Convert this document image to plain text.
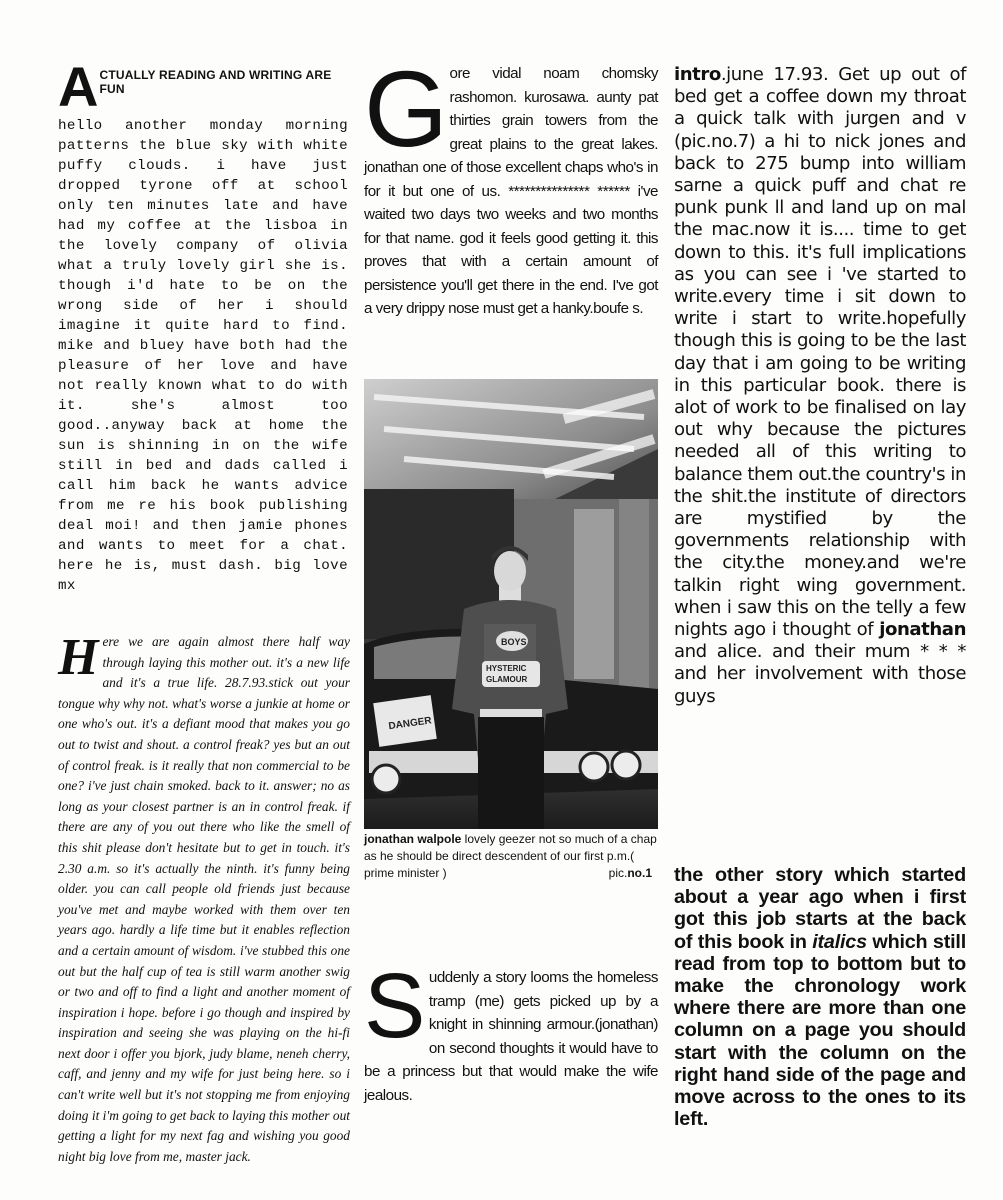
A CTUALLY READING AND WRITING ARE FUN

hello another monday morning patterns the blue sky with white puffy clouds. i have just dropped tyrone off at school only ten minutes late and have had my coffee at the lisboa in the lovely company of olivia what a truly lovely girl she is. though i'd hate to be on the wrong side of her i should imagine it quite hard to find. mike and bluey have both had the pleasure of her love and have not really known what to do with it. she's almost too good..anyway back at home the sun is shinning in on the wife still in bed and dads called i call him back he wants advice from me re his book publishing deal moi! and then jamie phones and wants to meet for a chat. here he is, must dash. big love mx

Here we are again almost there half way through laying this mother out. it's a new life and it's a true life. 28.7.93.stick out your tongue why why not. what's worse a junkie at home or one who's out. it's a defiant mood that makes you go out to twist and shout. a control freak? yes but an out of control freak. is it really that non commercial to be one? i've just chain smoked. back to it. answer; no as long as your closest partner is an in control freak. if there are any of you out there who like the smell of this shit please don't hesitate but to get in touch. it's 2.30 a.m. so it's actually the ninth. it's funny being older. you can call people old friends just because you've met and maybe worked with them over ten years ago. hardly a life time but it enables reflection and a certain amount of wisdom. i've stubbed this one out but the half cup of tea is still warm another swig or two and off to find a light and another moment of inspiration i hope. before i go though and inspired by inspiration and seeing she was playing on the hi-fi next door i offer you bjork, judy blame, neneh cherry, caff, and jenny and my wife for just being here. so i can't write well but it's not stopping me from enjoying doing it i'm going to get back to laying this mother out getting a light for my next fag and wishing you good night big love from me, master jack.

Gore vidal noam chomsky rashomon. kurosawa. aunty pat thirties grain towers from the great plains to the great lakes. jonathan one of those excellent chaps who's in for it but one of us. *************** ****** i've waited two days two weeks and two months for that name. god it feels good getting it. this proves that with a certain amount of persistence you'll get there in the end. I've got a very drippy nose must get a hanky.boufe s.

DANGER
BOYS
HYSTERIC
GLAMOUR

jonathan walpole lovely geezer not so much of a chap as he should be direct descendent of our first p.m.( prime minister )	pic.no.1

Suddenly a story looms the homeless tramp (me) gets picked up by a knight in shinning armour.(jonathan) on second thoughts it would have to be a princess but that would make the wife jealous.

intro.june 17.93. Get up out of bed get a coffee down my throat a quick talk with jurgen and v (pic.no.7) a hi to nick jones and back to 275 bump into william sarne a quick puff and chat re punk punk ll and land up on mal the mac.now it is.... time to get down to this. it's full implications as you can see i 've started to write.every time i sit down to write i start to write.hopefully though this is going to be the last day that i am going to be writing in this particular book. there is alot of work to be finalised on lay out why because the pictures needed all of this writing to balance them out.the country's in the shit.the institute of directors are mystified by the governments relationship with the city.the money.and we're talkin right wing government. when i saw this on the telly a few nights ago i thought of jonathan and alice. and their mum * * * and her involvement with those guys

the other story which started about a year ago when i first got this job starts at the back of this book in italics which still read from top to bottom but to make the chronology work where there are more than one column on a page you should start with the column on the right hand side of the page and move across to the ones to its left.
